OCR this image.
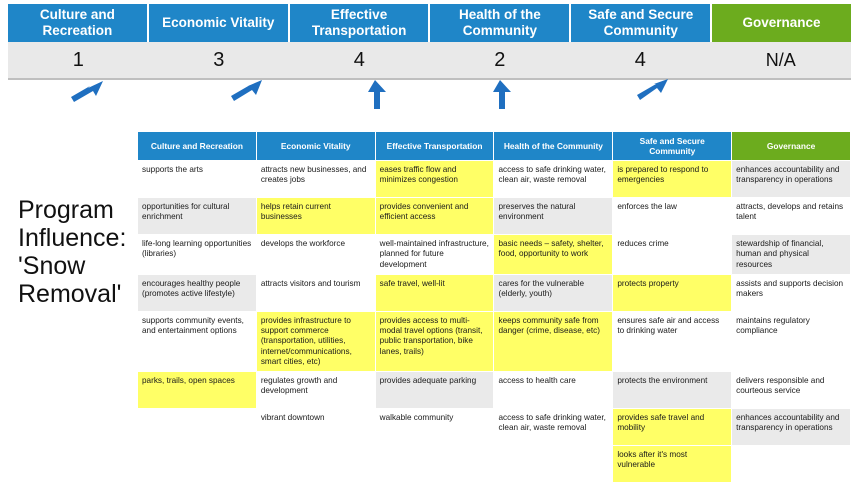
Culture and Recreation
Economic Vitality
Effective Transportation
Health of the Community
Safe and Secure Community
Governance
1	3	4	2	4	N/A
Program Influence: 'Snow Removal'
Culture and Recreation	Economic Vitality	Effective Transportation	Health of the Community	Safe and Secure Community	Governance
supports the arts	attracts new businesses, and creates jobs	eases traffic flow and minimizes congestion	access to safe drinking water, clean air, waste removal	is prepared to respond to emergencies	enhances accountability and transparency in operations
opportunities for cultural enrichment	helps retain current businesses	provides convenient and efficient access	preserves the natural environment	enforces the law	attracts, develops and retains talent
life-long learning opportunities (libraries)	develops the workforce	well-maintained infrastructure, planned for future development	basic needs – safety, shelter, food, opportunity to work	reduces crime	stewardship of financial, human and physical resources
encourages healthy people (promotes active lifestyle)	attracts visitors and tourism	safe travel, well-lit	cares for the vulnerable (elderly, youth)	protects property	assists and supports decision makers
supports community events, and entertainment options	provides infrastructure to support commerce (transportation, utilities, internet/communications, smart cities, etc)	provides access to multi-modal travel options (transit, public transportation, bike lanes, trails)	keeps community safe from danger (crime, disease, etc)	ensures safe air and access to drinking water	maintains regulatory compliance
parks, trails, open spaces	regulates growth and development	provides adequate parking	access to health care	protects the environment	delivers responsible and courteous service
	vibrant downtown	walkable community	access to safe drinking water, clean air, waste removal	provides safe travel and mobility	enhances accountability and transparency in operations
				looks after it's most vulnerable	
